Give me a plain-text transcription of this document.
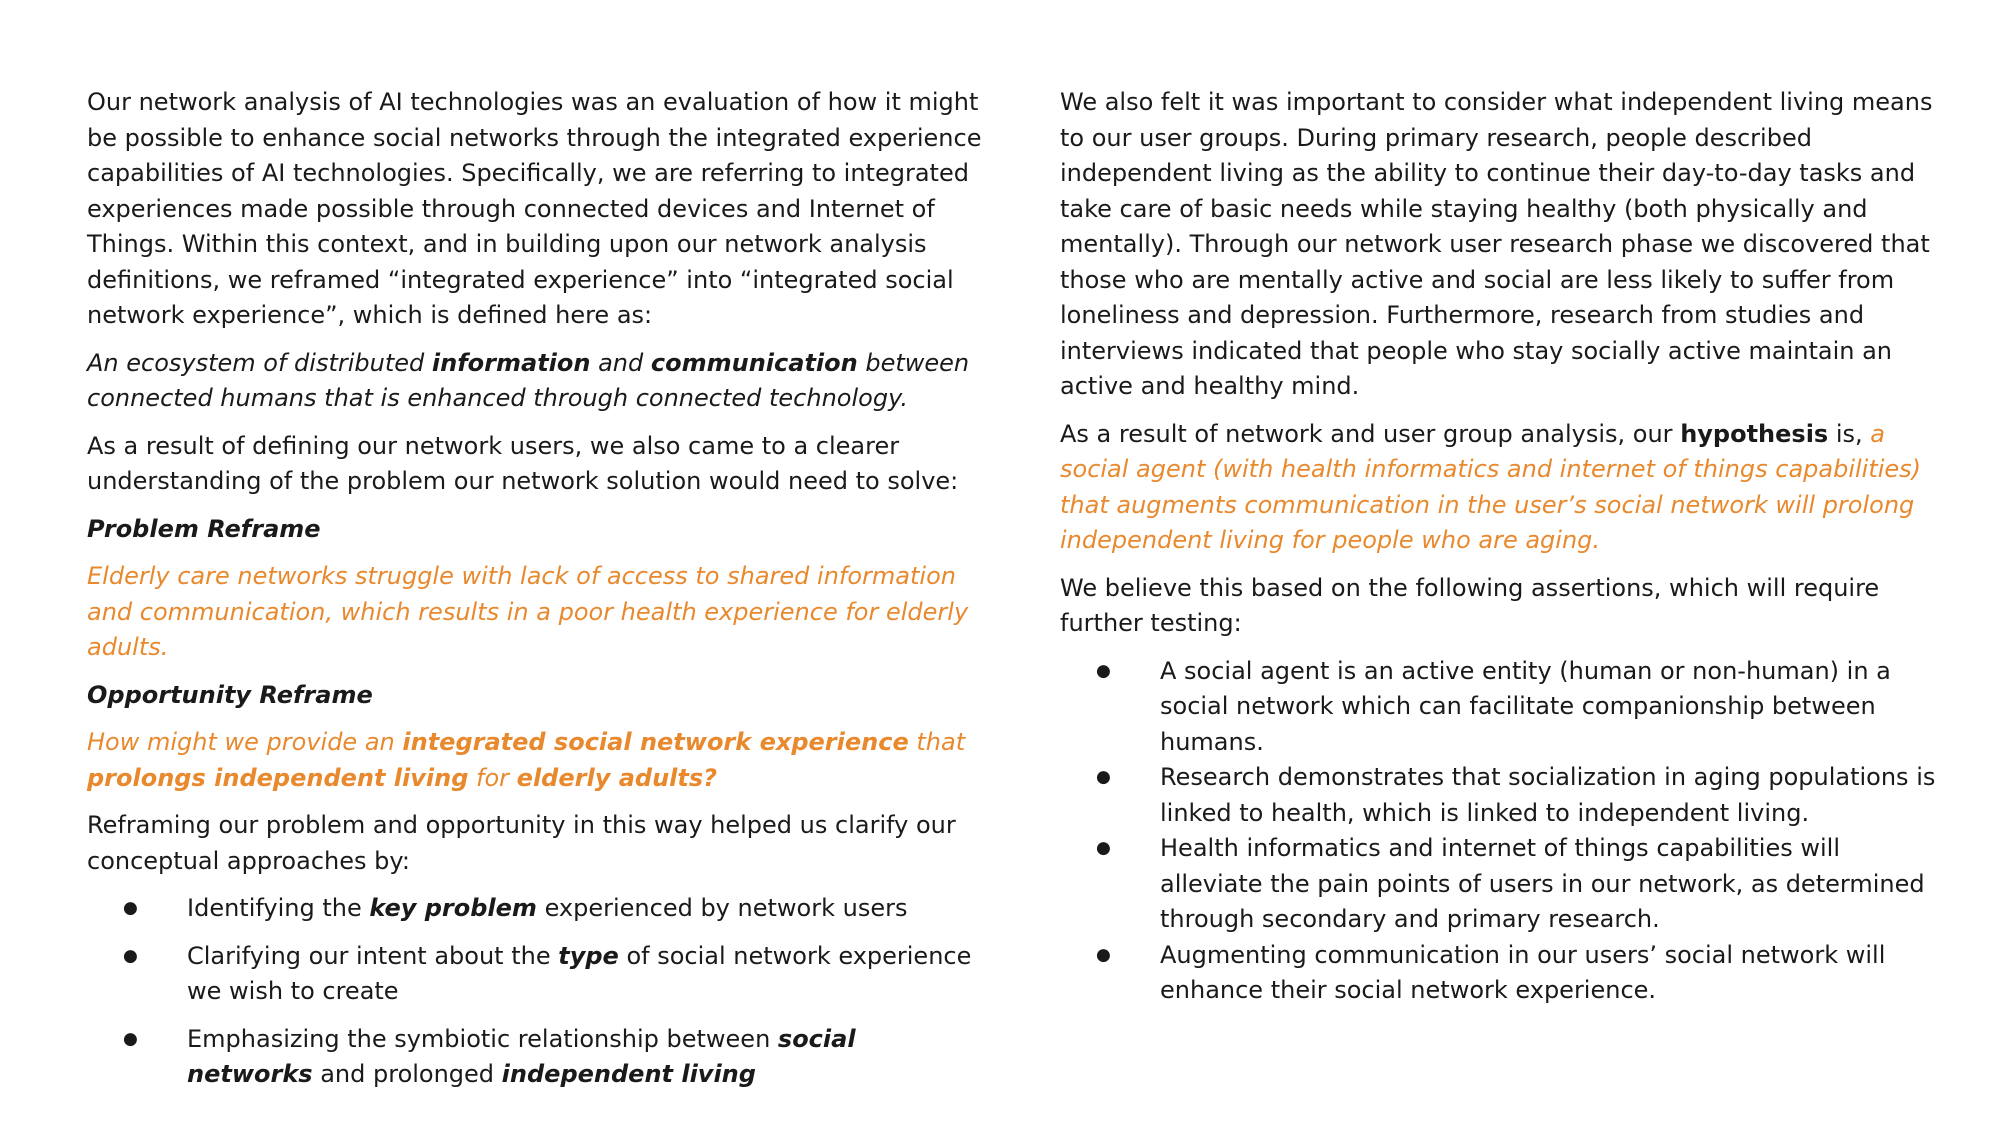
Our network analysis of AI technologies was an evaluation of how it might be possible to enhance social networks through the integrated experience capabilities of AI technologies. Specifically, we are referring to integrated experiences made possible through connected devices and Internet of Things. Within this context, and in building upon our network analysis definitions, we reframed “integrated experience” into “integrated social network experience”, which is defined here as:

An ecosystem of distributed information and communication between connected humans that is enhanced through connected technology.

As a result of defining our network users, we also came to a clearer understanding of the problem our network solution would need to solve:

Problem Reframe

Elderly care networks struggle with lack of access to shared information and communication, which results in a poor health experience for elderly adults.

Opportunity Reframe

How might we provide an integrated social network experience that prolongs independent living for elderly adults?

Reframing our problem and opportunity in this way helped us clarify our conceptual approaches by:

● Identifying the key problem experienced by network users
● Clarifying our intent about the type of social network experience we wish to create
● Emphasizing the symbiotic relationship between social networks and prolonged independent living

We also felt it was important to consider what independent living means to our user groups. During primary research, people described independent living as the ability to continue their day-to-day tasks and take care of basic needs while staying healthy (both physically and mentally). Through our network user research phase we discovered that those who are mentally active and social are less likely to suffer from loneliness and depression. Furthermore, research from studies and interviews indicated that people who stay socially active maintain an active and healthy mind.

As a result of network and user group analysis, our hypothesis is, a social agent (with health informatics and internet of things capabilities) that augments communication in the user’s social network will prolong independent living for people who are aging.

We believe this based on the following assertions, which will require further testing:

● A social agent is an active entity (human or non-human) in a social network which can facilitate companionship between humans.
● Research demonstrates that socialization in aging populations is linked to health, which is linked to independent living.
● Health informatics and internet of things capabilities will alleviate the pain points of users in our network, as determined through secondary and primary research.
● Augmenting communication in our users’ social network will enhance their social network experience.
